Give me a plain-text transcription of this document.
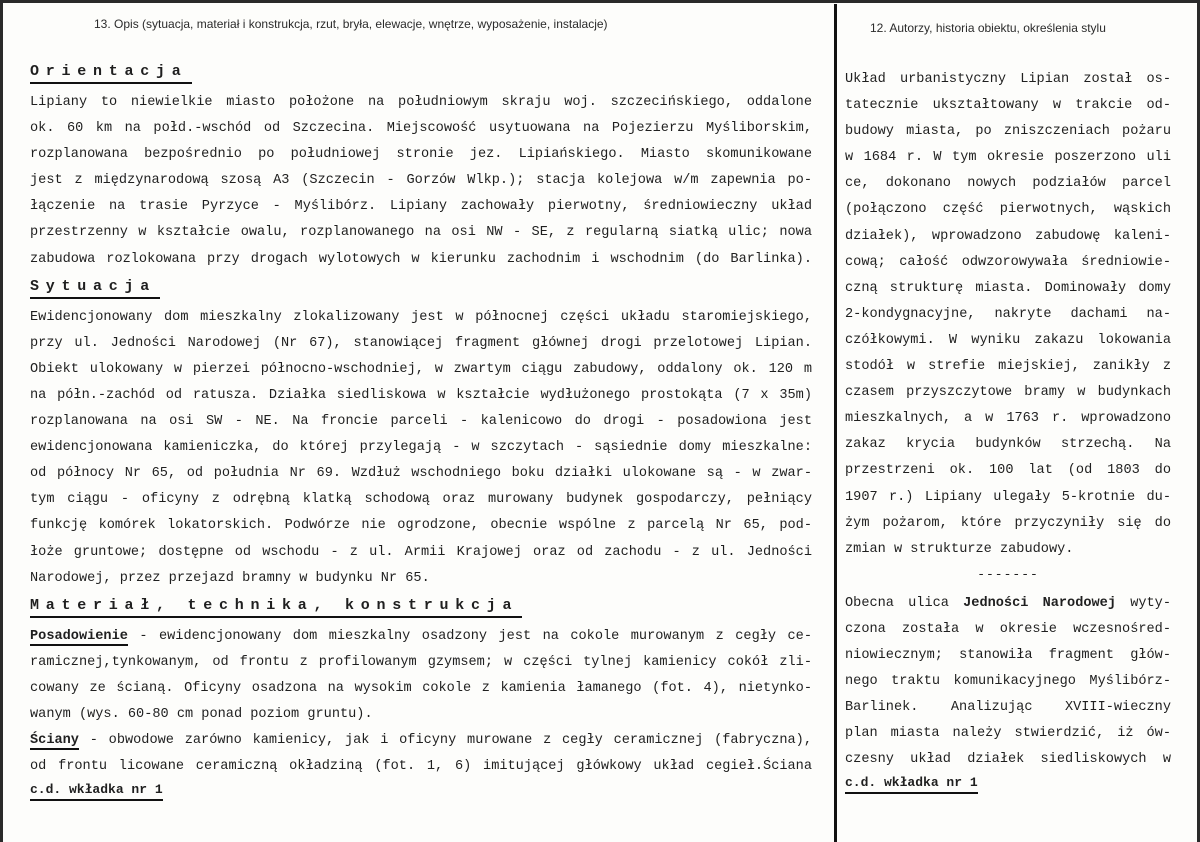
13. Opis (sytuacja, materiał i konstrukcja, rzut, bryła, elewacje, wnętrze, wyposażenie, instalacje)	12. Autorzy, historia obiektu, określenia stylu
Orientacja
Lipiany to niewielkie miasto położone na południowym skraju woj. szczecińskiego, oddalone
ok. 60 km na połd.-wschód od Szczecina. Miejscowość usytuowana na Pojezierzu Myśliborskim,
rozplanowana bezpośrednio po południowej stronie jez. Lipiańskiego. Miasto skomunikowane
jest z międzynarodową szosą A3 (Szczecin - Gorzów Wlkp.); stacja kolejowa w/m zapewnia po-
łączenie na trasie Pyrzyce - Myślibórz. Lipiany zachowały pierwotny, średniowieczny układ
przestrzenny w kształcie owalu, rozplanowanego na osi NW - SE, z regularną siatką ulic; nowa
zabudowa rozlokowana przy drogach wylotowych w kierunku zachodnim i wschodnim (do Barlinka).
Sytuacja
Ewidencjonowany dom mieszkalny zlokalizowany jest w północnej części układu staromiejskiego,
przy ul. Jedności Narodowej (Nr 67), stanowiącej fragment głównej drogi przelotowej Lipian.
Obiekt ulokowany w pierzei północno-wschodniej, w zwartym ciągu zabudowy, oddalony ok. 120 m
na półn.-zachód od ratusza. Działka siedliskowa w kształcie wydłużonego prostokąta (7 x 35m)
rozplanowana na osi SW - NE. Na froncie parceli - kalenicowo do drogi - posadowiona jest
ewidencjonowana kamieniczka, do której przylegają - w szczytach - sąsiednie domy mieszkalne:
od północy Nr 65, od południa Nr 69. Wzdłuż wschodniego boku działki ulokowane są - w zwar-
tym ciągu - oficyny z odrębną klatką schodową oraz murowany budynek gospodarczy, pełniący
funkcję komórek lokatorskich. Podwórze nie ogrodzone, obecnie wspólne z parcelą Nr 65, pod-
łoże gruntowe; dostępne od wschodu - z ul. Armii Krajowej oraz od zachodu - z ul. Jedności
Narodowej, przez przejazd bramny w budynku Nr 65.
Materiał, technika, konstrukcja
Posadowienie - ewidencjonowany dom mieszkalny osadzony jest na cokole murowanym z cegły ce-
ramicznej,tynkowanym, od frontu z profilowanym gzymsem; w części tylnej kamienicy cokół zli-
cowany ze ścianą. Oficyny osadzona na wysokim cokole z kamienia łamanego (fot. 4), nietynko-
wanym (wys. 60-80 cm ponad poziom gruntu).
Ściany - obwodowe zarówno kamienicy, jak i oficyny murowane z cegły ceramicznej (fabryczna),
od frontu licowane ceramiczną okładziną (fot. 1, 6) imitującej główkowy układ cegieł.Ściana
c.d. wkładka nr 1
Układ urbanistyczny Lipian został os-
tatecznie ukształtowany w trakcie od-
budowy miasta, po zniszczeniach pożaru
w 1684 r. W tym okresie poszerzono uli
ce, dokonano nowych podziałów parcel
(połączono część pierwotnych, wąskich
działek), wprowadzono zabudowę kaleni-
cową; całość odwzorowywała średniowie-
czną strukturę miasta. Dominowały domy
2-kondygnacyjne, nakryte dachami na-
czółkowymi. W wyniku zakazu lokowania
stodół w strefie miejskiej, zanikły z
czasem przyszczytowe bramy w budynkach
mieszkalnych, a w 1763 r. wprowadzono
zakaz krycia budynków strzechą. Na
przestrzeni ok. 100 lat (od 1803 do
1907 r.) Lipiany ulegały 5-krotnie du-
żym pożarom, które przyczyniły się do
zmian w strukturze zabudowy.
-------
Obecna ulica Jedności Narodowej wyty-
czona została w okresie wczesnośred-
niowiecznym; stanowiła fragment głów-
nego traktu komunikacyjnego Myślibórz-
Barlinek. Analizując XVIII-wieczny
plan miasta należy stwierdzić, iż ów-
czesny układ działek siedliskowych w
c.d. wkładka nr 1
